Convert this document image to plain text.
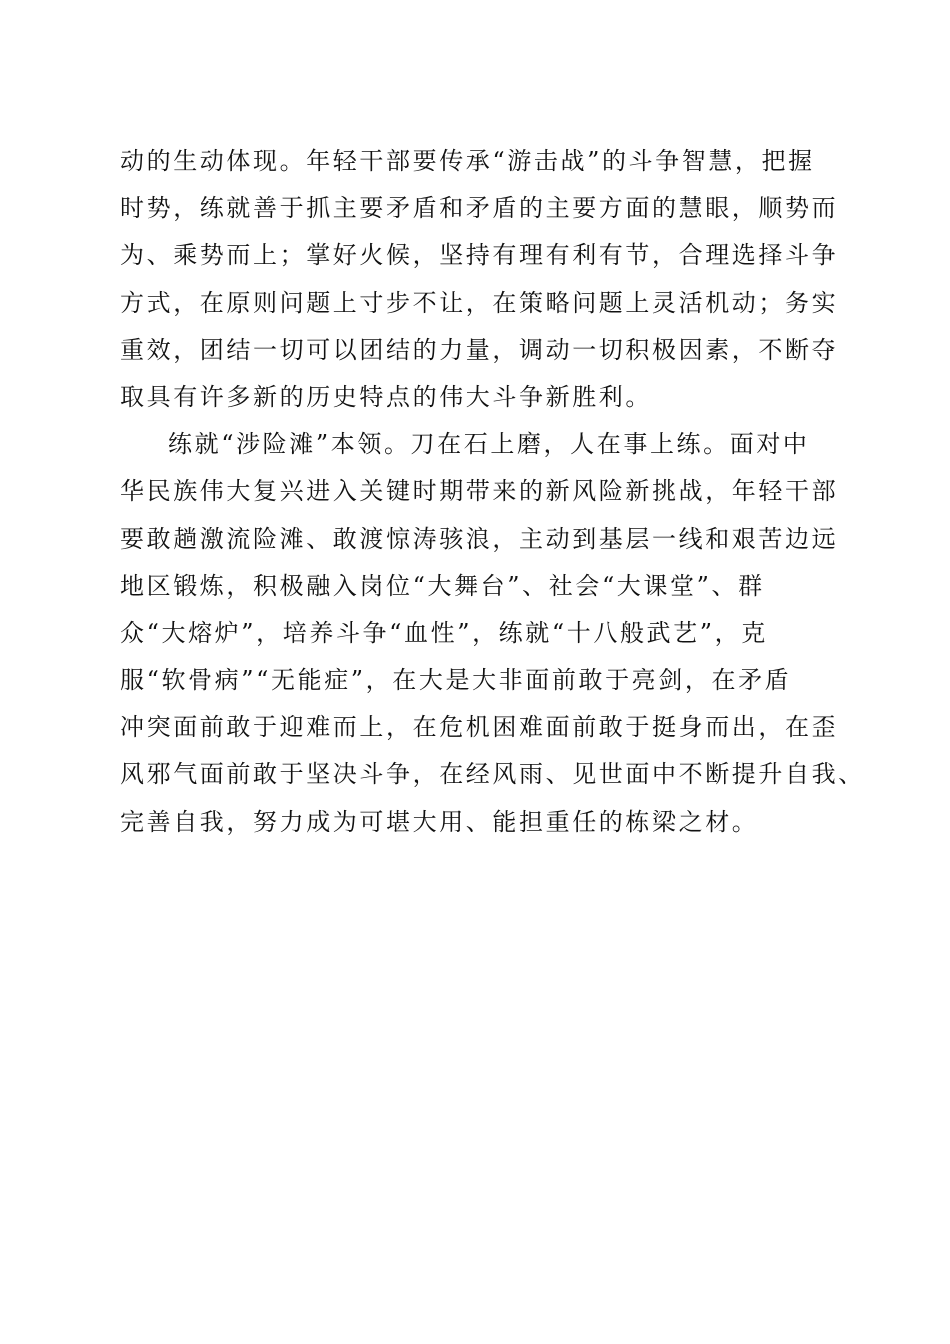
动的生动体现。年轻干部要传承“游击战”的斗争智慧，把握
时势，练就善于抓主要矛盾和矛盾的主要方面的慧眼，顺势而
为、乘势而上；掌好火候，坚持有理有利有节，合理选择斗争
方式，在原则问题上寸步不让，在策略问题上灵活机动；务实
重效，团结一切可以团结的力量，调动一切积极因素，不断夺
取具有许多新的历史特点的伟大斗争新胜利。
练就“涉险滩”本领。刀在石上磨，人在事上练。面对中
华民族伟大复兴进入关键时期带来的新风险新挑战，年轻干部
要敢趟激流险滩、敢渡惊涛骇浪，主动到基层一线和艰苦边远
地区锻炼，积极融入岗位“大舞台”、社会“大课堂”、群
众“大熔炉”，培养斗争“血性”，练就“十八般武艺”，克
服“软骨病”“无能症”，在大是大非面前敢于亮剑，在矛盾
冲突面前敢于迎难而上，在危机困难面前敢于挺身而出，在歪
风邪气面前敢于坚决斗争，在经风雨、见世面中不断提升自我、
完善自我，努力成为可堪大用、能担重任的栋梁之材。
